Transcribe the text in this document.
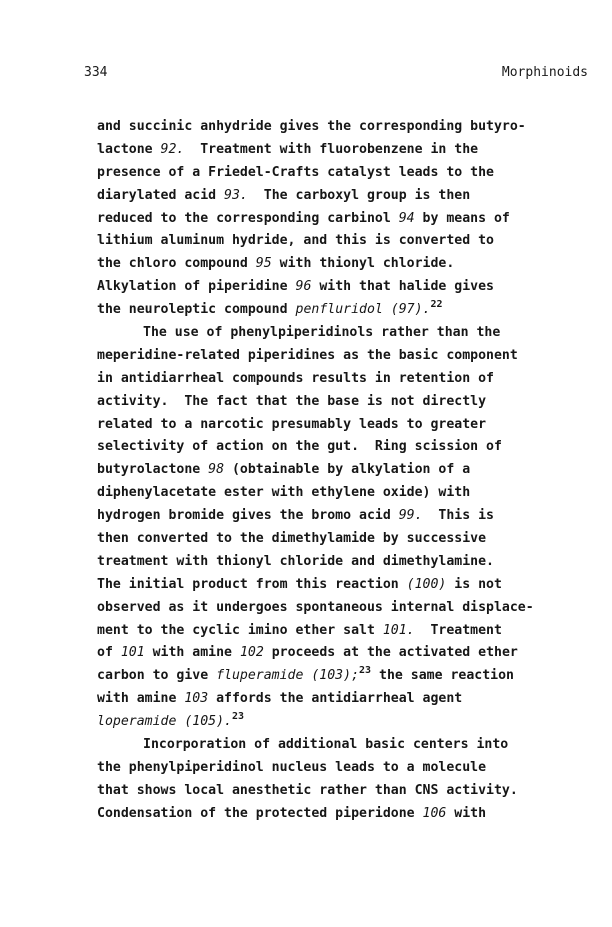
334	Morphinoids
and succinic anhydride gives the corresponding butyro-
lactone 92.  Treatment with fluorobenzene in the
presence of a Friedel-Crafts catalyst leads to the
diarylated acid 93.  The carboxyl group is then
reduced to the corresponding carbinol 94 by means of
lithium aluminum hydride, and this is converted to
the chloro compound 95 with thionyl chloride.
Alkylation of piperidine 96 with that halide gives
the neuroleptic compound penfluridol (97).$^{22}$
The use of phenylpiperidinols rather than the
meperidine-related piperidines as the basic component
in antidiarrheal compounds results in retention of
activity.  The fact that the base is not directly
related to a narcotic presumably leads to greater
selectivity of action on the gut.  Ring scission of
butyrolactone 98 (obtainable by alkylation of a
diphenylacetate ester with ethylene oxide) with
hydrogen bromide gives the bromo acid 99.  This is
then converted to the dimethylamide by successive
treatment with thionyl chloride and dimethylamine.
The initial product from this reaction (100) is not
observed as it undergoes spontaneous internal displace-
ment to the cyclic imino ether salt 101.  Treatment
of 101 with amine 102 proceeds at the activated ether
carbon to give fluperamide (103);$^{23}$ the same reaction
with amine 103 affords the antidiarrheal agent
loperamide (105).$^{23}$
Incorporation of additional basic centers into
the phenylpiperidinol nucleus leads to a molecule
that shows local anesthetic rather than CNS activity.
Condensation of the protected piperidone 106 with
